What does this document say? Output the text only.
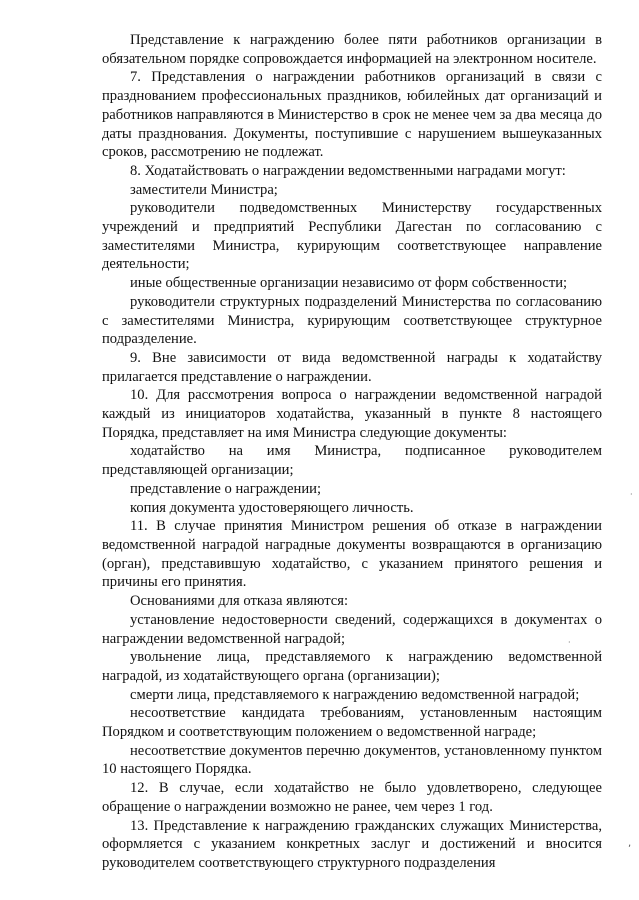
Представление к награждению более пяти работников организации в обязательном порядке сопровождается информацией на электронном носителе.

7. Представления о награждении работников организаций в связи с празднованием профессиональных праздников, юбилейных дат организаций и работников направляются в Министерство в срок не менее чем за два месяца до даты празднования. Документы, поступившие с нарушением вышеуказанных сроков, рассмотрению не подлежат.

8. Ходатайствовать о награждении ведомственными наградами могут:

заместители Министра;

руководители подведомственных Министерству государственных учреждений и предприятий Республики Дагестан по согласованию с заместителями Министра, курирующим соответствующее направление деятельности;

иные общественные организации независимо от форм собственности;

руководители структурных подразделений Министерства по согласованию с заместителями Министра, курирующим соответствующее структурное подразделение.

9. Вне зависимости от вида ведомственной награды к ходатайству прилагается представление о награждении.

10. Для рассмотрения вопроса о награждении ведомственной наградой каждый из инициаторов ходатайства, указанный в пункте 8 настоящего Порядка, представляет на имя Министра следующие документы:

ходатайство на имя Министра, подписанное руководителем представляющей организации;

представление о награждении;

копия документа удостоверяющего личность.

11. В случае принятия Министром решения об отказе в награждении ведомственной наградой наградные документы возвращаются в организацию (орган), представившую ходатайство, с указанием принятого решения и причины его принятия.

Основаниями для отказа являются:

установление недостоверности сведений, содержащихся в документах о награждении ведомственной наградой;

увольнение лица, представляемого к награждению ведомственной наградой, из ходатайствующего органа (организации);

смерти лица, представляемого к награждению ведомственной наградой;

несоответствие кандидата требованиям, установленным настоящим Порядком и соответствующим положением о ведомственной награде;

несоответствие документов перечню документов, установленному пунктом 10 настоящего Порядка.

12. В случае, если ходатайство не было удовлетворено, следующее обращение о награждении возможно не ранее, чем через 1 год.

13. Представление к награждению гражданских служащих Министерства, оформляется с указанием конкретных заслуг и достижений и вносится руководителем соответствующего структурного подразделения

·
·
,
